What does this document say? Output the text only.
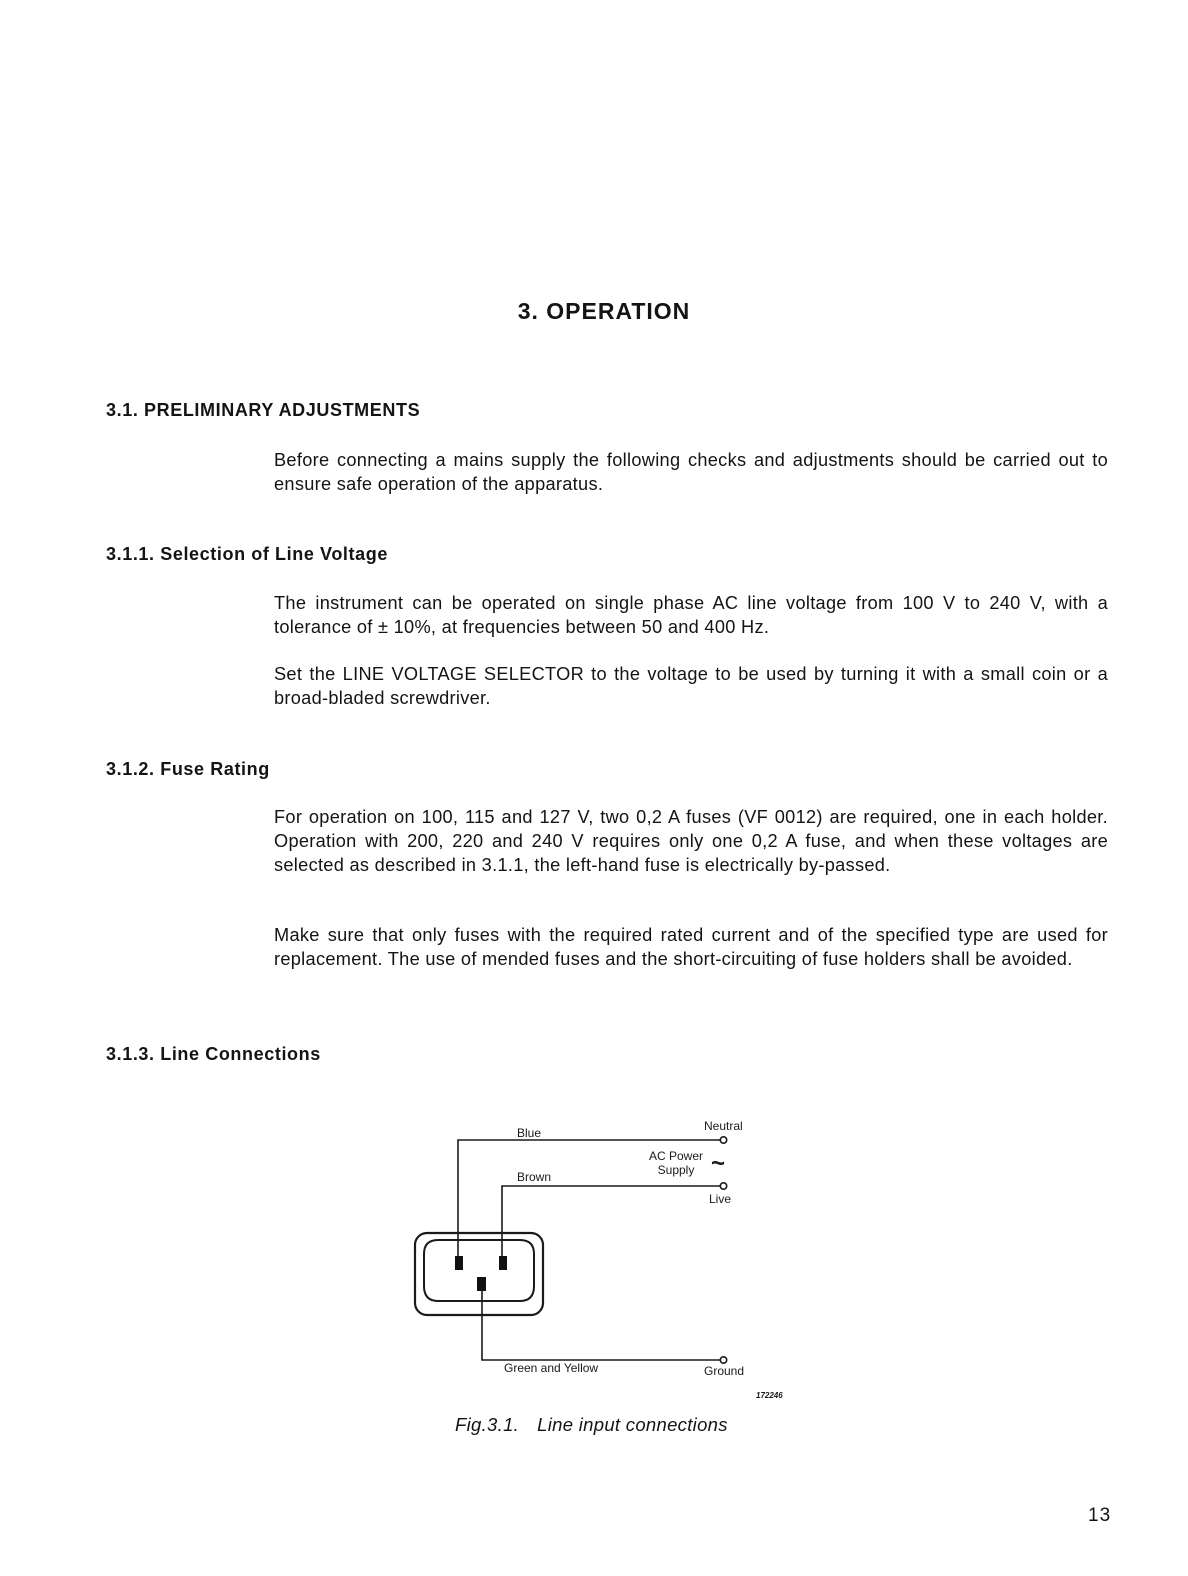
3. OPERATION
3.1. PRELIMINARY ADJUSTMENTS
Before connecting a mains supply the following checks and adjustments should be carried out to ensure safe operation of the apparatus.
3.1.1. Selection of Line Voltage
The instrument can be operated on single phase AC line voltage from 100 V to 240 V, with a tolerance of ± 10%, at frequencies between 50 and 400 Hz.
Set the LINE VOLTAGE SELECTOR to the voltage to be used by turning it with a small coin or a broad-bladed screwdriver.
3.1.2. Fuse Rating
For operation on 100, 115 and 127 V, two 0,2 A fuses (VF 0012) are required, one in each holder. Operation with 200, 220 and 240 V requires only one 0,2 A fuse, and when these voltages are selected as described in 3.1.1, the left-hand fuse is electrically by-passed.
Make sure that only fuses with the required rated current and of the specified type are used for replacement. The use of mended fuses and the short-circuiting of fuse holders shall be avoided.
3.1.3. Line Connections
Blue
Brown
Green and Yellow
Neutral
Live
Ground
AC Power
Supply ~
172246
Fig.3.1. Line input connections
13
